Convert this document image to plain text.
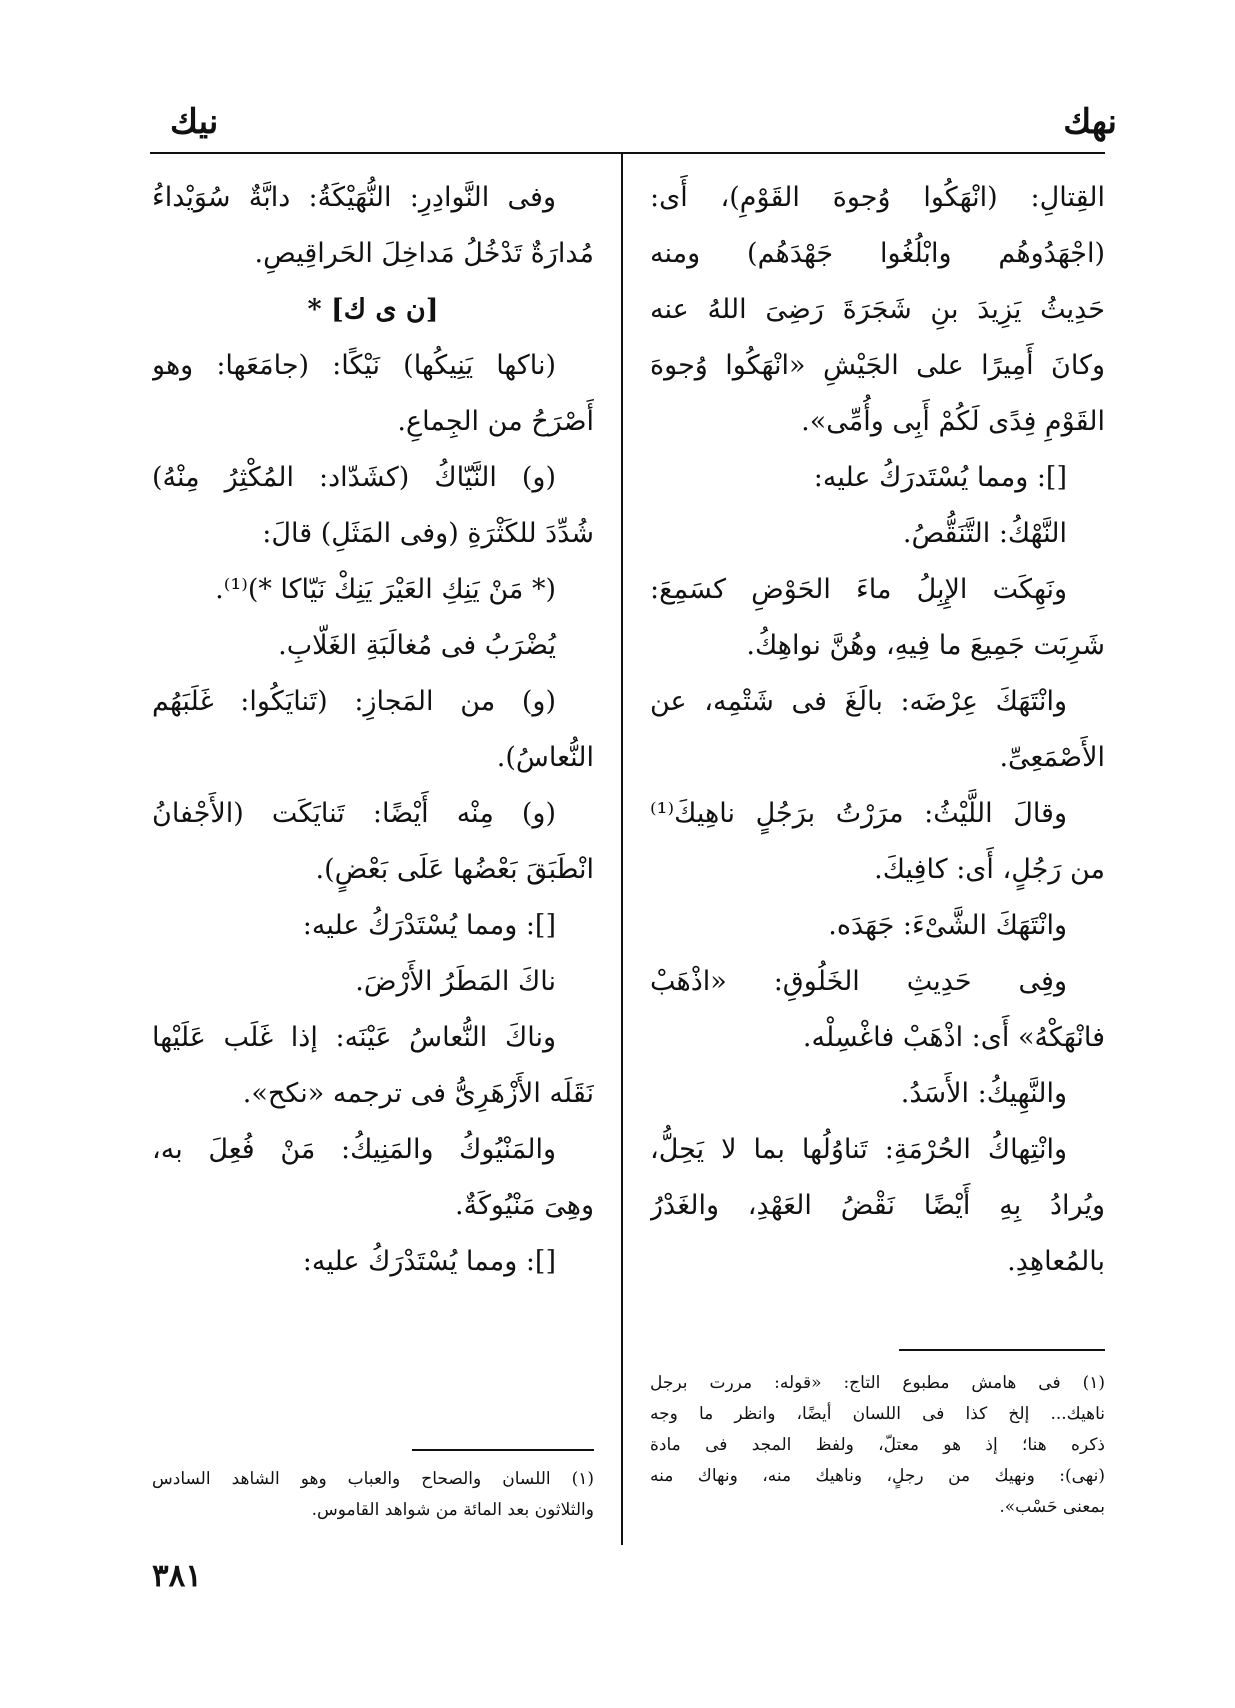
نهك
نيك
القِتالِ: (انْهَكُوا وُجوهَ القَوْمِ)، أَى:
(اجْهَدُوهُم وابْلُغُوا جَهْدَهُم) ومنه
حَدِيثُ يَزِيدَ بنِ شَجَرَةَ رَضِىَ اللهُ عنه
وكانَ أَمِيرًا على الجَيْشِ «انْهَكُوا وُجوهَ
القَوْمِ فِدًى لَكُمْ أَبِى وأُمِّى».
[]: ومما يُسْتَدرَكُ عليه:
النَّهْكُ: التَّنَقُّصُ.
ونَهِكَت الإِبِلُ ماءَ الحَوْضِ كسَمِعَ:
شَرِبَت جَمِيعَ ما فِيهِ، وهُنَّ نواهِكُ.
وانْتَهَكَ عِرْضَه: بالَغَ فى شَتْمِه، عن
الأَصْمَعِىِّ.
وقالَ اللَّيْثُ: مرَرْتُ برَجُلٍ ناهِيكَ⁽¹⁾
من رَجُلٍ، أَى: كافِيكَ.
وانْتَهَكَ الشَّىْءَ: جَهَدَه.
وفِى حَدِيثِ الخَلُوقِ: «اذْهَبْ
فانْهَكْهُ» أَى: اذْهَبْ فاغْسِلْه.
والنَّهِيكُ: الأَسَدُ.
وانْتِهاكُ الحُرْمَةِ: تَناوُلُها بما لا يَحِلُّ،
ويُرادُ بِهِ أَيْضًا نَقْضُ العَهْدِ، والغَدْرُ
بالمُعاهِدِ.
وفى النَّوادِرِ: النُّهَيْكَةُ: دابَّةٌ سُوَيْداءُ
مُدارَةٌ تَدْخُلُ مَداخِلَ الحَراقِيصِ.
[ن ى ك] *
(ناكها يَنِيكُها) نَيْكًا: (جامَعَها: وهو
أَصْرَحُ من الجِماعِ.
(و) النَّيّاكُ (كشَدّاد: المُكْثِرُ مِنْهُ)
شُدِّدَ للكَثْرَةِ (وفى المَثَلِ) قالَ:
(* مَنْ يَنِكِ العَيْرَ يَنِكْ نَيّاكا *)⁽¹⁾.
يُضْرَبُ فى مُغالَبَةِ الغَلّابِ.
(و) من المَجازِ: (تَنايَكُوا: غَلَبَهُم
النُّعاسُ).
(و) مِنْه أَيْضًا: تَنايَكَت (الأَجْفانُ
انْطَبَقَ بَعْضُها عَلَى بَعْضٍ).
[]: ومما يُسْتَدْرَكُ عليه:
ناكَ المَطَرُ الأَرْضَ.
وناكَ النُّعاسُ عَيْنَه: إذا غَلَب عَلَيْها
نَقَلَه الأَزْهَرِىُّ فى ترجمه «نكح».
والمَنْيُوكُ والمَنِيكُ: مَنْ فُعِلَ به،
وهِىَ مَنْيُوكَةٌ.
[]: ومما يُسْتَدْرَكُ عليه:
(١) فى هامش مطبوع التاج: «قوله: مررت برجل
ناهيك... إلخ كذا فى اللسان أيضًا، وانظر ما وجه
ذكره هنا؛ إذ هو معتلّ، ولفظ المجد فى مادة
(نهى): ونهيك من رجلٍ، وناهيك منه، ونهاك منه
بمعنى حَسْب».
(١) اللسان والصحاح والعباب وهو الشاهد السادس
والثلاثون بعد المائة من شواهد القاموس.
٣٨١
